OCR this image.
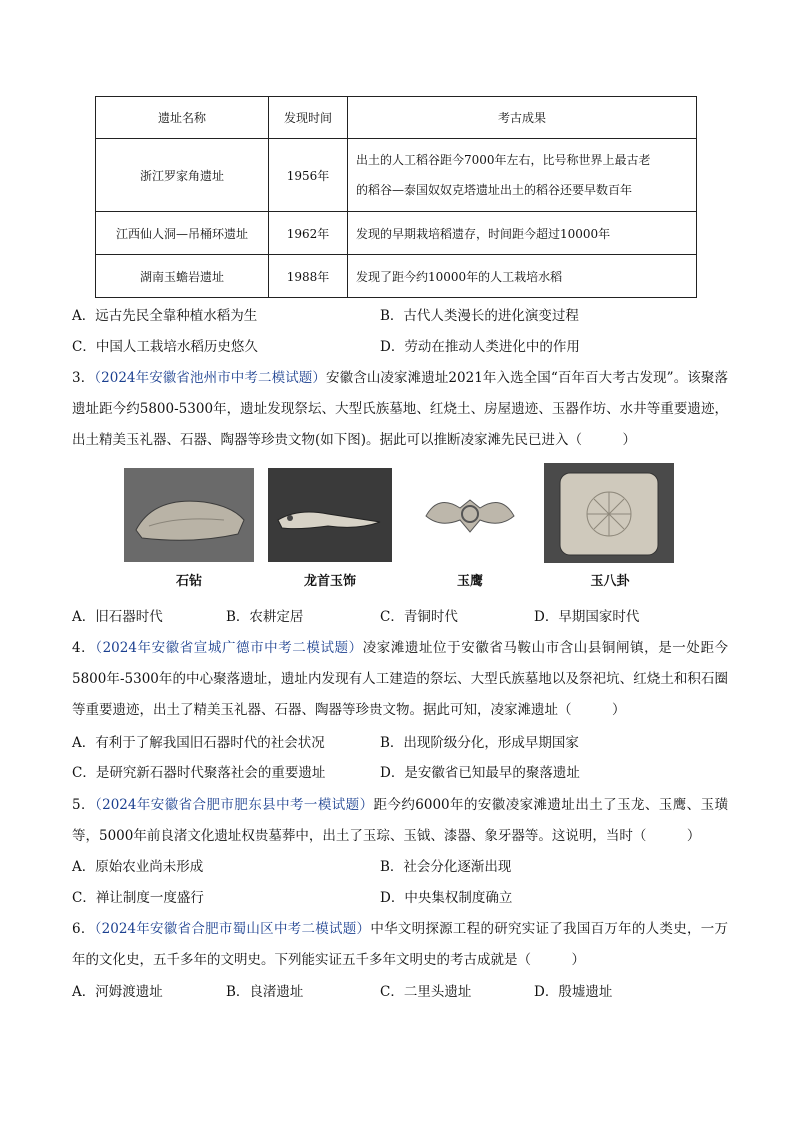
遗址名称	发现时间	考古成果
浙江罗家角遗址	1956年	出土的人工稻谷距今7000年左右，比号称世界上最古老
的稻谷—泰国奴奴克塔遗址出土的稻谷还要早数百年

江西仙人洞—吊桶环遗址	1962年	发现的早期栽培稻遗存，时间距今超过10000年
湖南玉蟾岩遗址	1988年	发现了距今约10000年的人工栽培水稻
A．远古先民全靠种植水稻为生	B．古代人类漫长的进化演变过程
C．中国人工栽培水稻历史悠久	D．劳动在推动人类进化中的作用
3．（2024年安徽省池州市中考二模试题）安徽含山凌家滩遗址2021年入选全国“百年百大考古发现”。该聚落遗址距今约5800-5300年，遗址发现祭坛、大型氏族墓地、红烧土、房屋遗迹、玉器作坊、水井等重要遗迹，出土精美玉礼器、石器、陶器等珍贵文物(如下图)。据此可以推断凌家滩先民已进入（　　　）
石钻	龙首玉饰	玉鹰	玉八卦
A．旧石器时代	B．农耕定居	C．青铜时代	D．早期国家时代
4．（2024年安徽省宣城广德市中考二模试题）凌家滩遗址位于安徽省马鞍山市含山县铜闸镇，是一处距今5800年-5300年的中心聚落遗址，遗址内发现有人工建造的祭坛、大型氏族墓地以及祭祀坑、红烧土和积石圈等重要遗迹，出土了精美玉礼器、石器、陶器等珍贵文物。据此可知，凌家滩遗址（　　　）
A．有利于了解我国旧石器时代的社会状况	B．出现阶级分化，形成早期国家
C．是研究新石器时代聚落社会的重要遗址	D．是安徽省已知最早的聚落遗址
5．（2024年安徽省合肥市肥东县中考一模试题）距今约6000年的安徽凌家滩遗址出土了玉龙、玉鹰、玉璜等，5000年前良渚文化遗址权贵墓葬中，出土了玉琮、玉钺、漆器、象牙器等。这说明，当时（　　　）
A．原始农业尚未形成	B．社会分化逐渐出现
C．禅让制度一度盛行	D．中央集权制度确立
6．（2024年安徽省合肥市蜀山区中考二模试题）中华文明探源工程的研究实证了我国百万年的人类史，一万年的文化史，五千多年的文明史。下列能实证五千多年文明史的考古成就是（　　　）
A．河姆渡遗址	B．良渚遗址	C．二里头遗址	D．殷墟遗址
